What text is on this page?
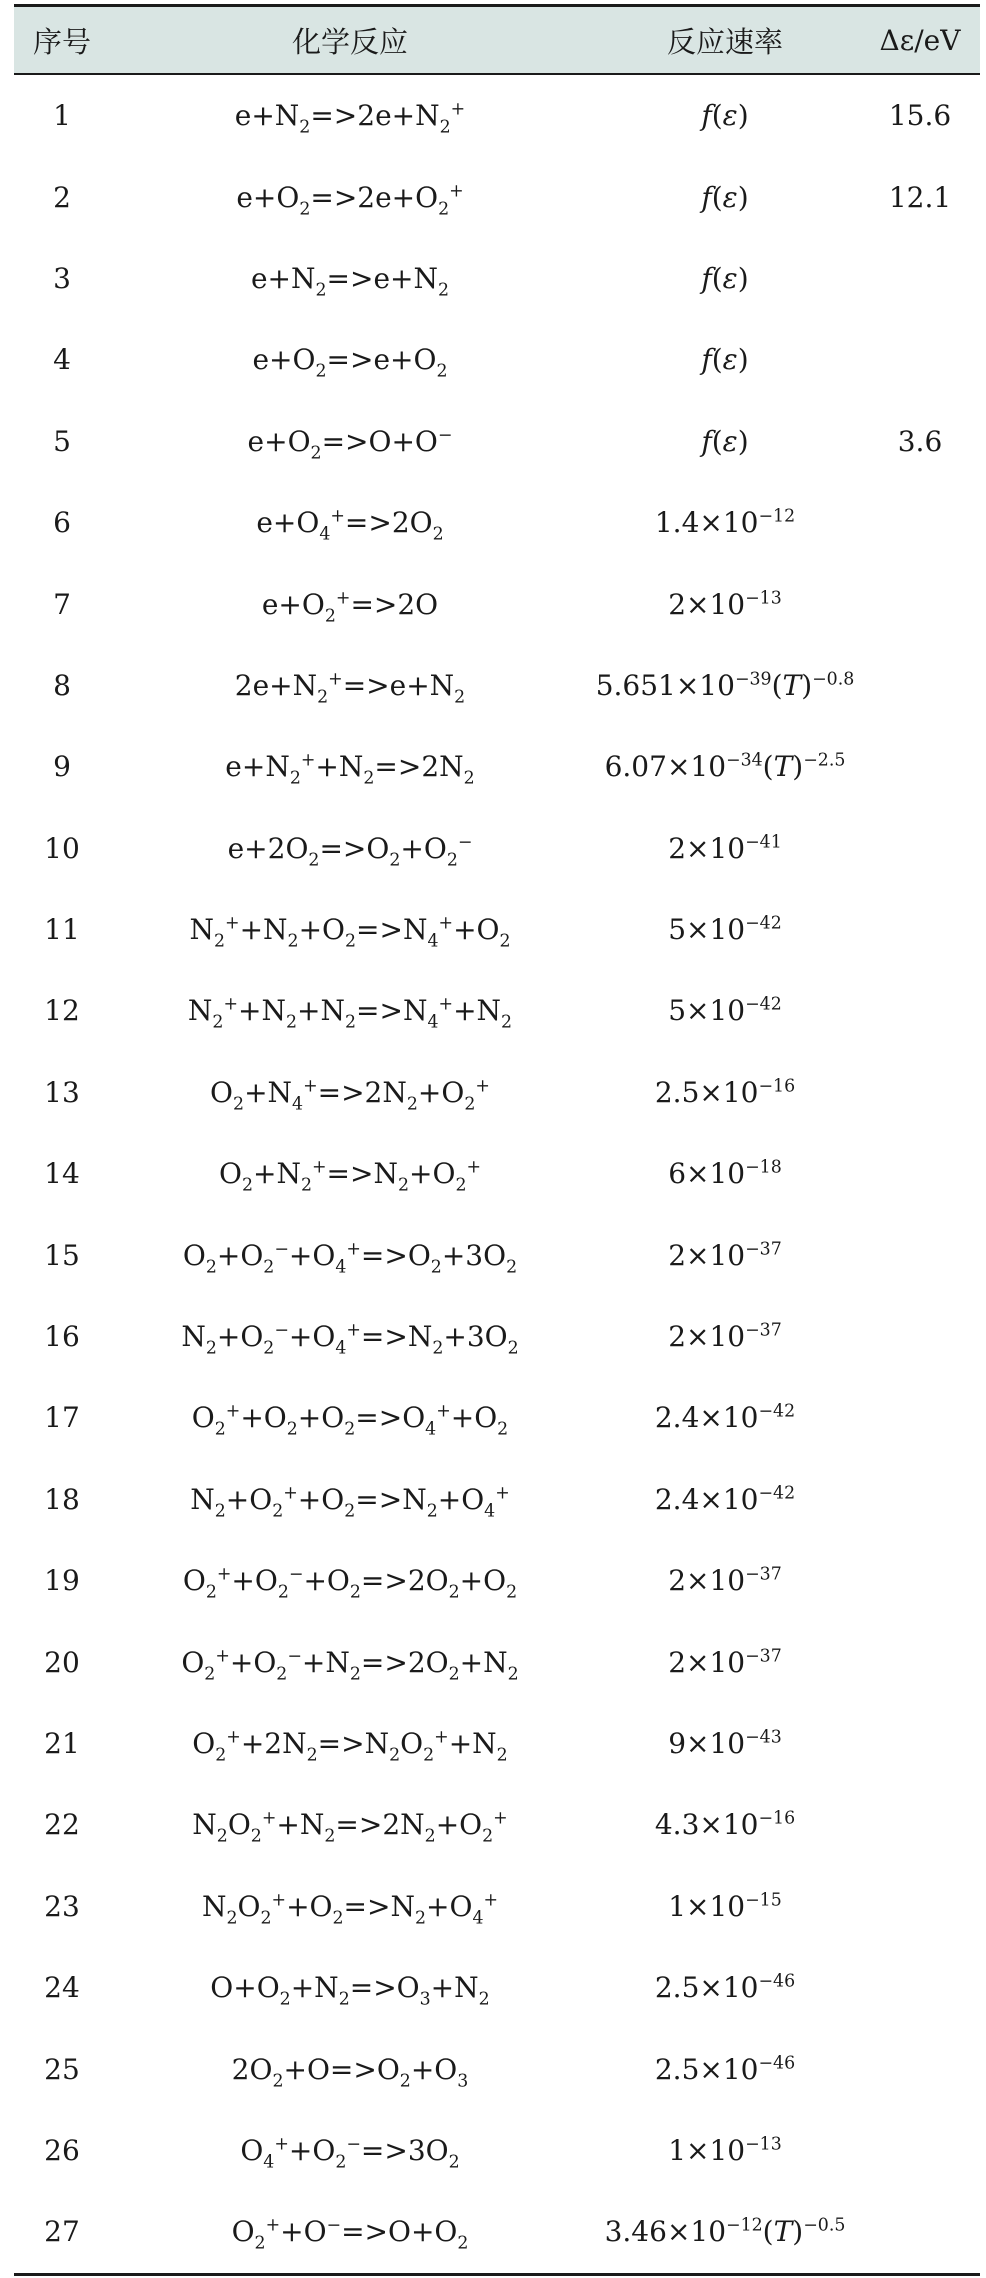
序号	化学反应	反应速率	Δε/eV
1	$e+N_2=>2e+N_2^+$	f(ε)	15.6
2	$e+O_2=>2e+O_2^+$	f(ε)	12.1
3	$e+N_2=>e+N_2$	f(ε)	
4	$e+O_2=>e+O_2$	f(ε)	
5	$e+O_2=>O+O^-$	f(ε)	3.6
6	$e+O_4^+=>2O_2$	$1.4\times 10^{-12}$	
7	$e+O_2^+=>2O$	$2\times 10^{-13}$	
8	$2e+N_2^+=>e+N_2$	$5.651\times 10^{-39}(T)^{-0.8}$	
9	$e+N_2^++N_2=>2N_2$	$6.07\times 10^{-34}(T)^{-2.5}$	
10	$e+2O_2=>O_2+O_2^-$	$2\times 10^{-41}$	
11	$N_2^++N_2+O_2=>N_4^++O_2$	$5\times 10^{-42}$	
12	$N_2^++N_2+N_2=>N_4^++N_2$	$5\times 10^{-42}$	
13	$O_2+N_4^+=>2N_2+O_2^+$	$2.5\times 10^{-16}$	
14	$O_2+N_2^+=>N_2+O_2^+$	$6\times 10^{-18}$	
15	$O_2+O_2^-+O_4^+=>O_2+3O_2$	$2\times 10^{-37}$	
16	$N_2+O_2^-+O_4^+=>N_2+3O_2$	$2\times 10^{-37}$	
17	$O_2^++O_2+O_2=>O_4^++O_2$	$2.4\times 10^{-42}$	
18	$N_2+O_2^++O_2=>N_2+O_4^+$	$2.4\times 10^{-42}$	
19	$O_2^++O_2^-+O_2=>2O_2+O_2$	$2\times 10^{-37}$	
20	$O_2^++O_2^-+N_2=>2O_2+N_2$	$2\times 10^{-37}$	
21	$O_2^++2N_2=>N_2O_2^++N_2$	$9\times 10^{-43}$	
22	$N_2O_2^++N_2=>2N_2+O_2^+$	$4.3\times 10^{-16}$	
23	$N_2O_2^++O_2=>N_2+O_4^+$	$1\times 10^{-15}$	
24	$O+O_2+N_2=>O_3+N_2$	$2.5\times 10^{-46}$	
25	$2O_2+O=>O_2+O_3$	$2.5\times 10^{-46}$	
26	$O_4^++O_2^-=>3O_2$	$1\times 10^{-13}$	
27	$O_2^++O^-=>O+O_2$	$3.46\times 10^{-12}(T)^{-0.5}$	
